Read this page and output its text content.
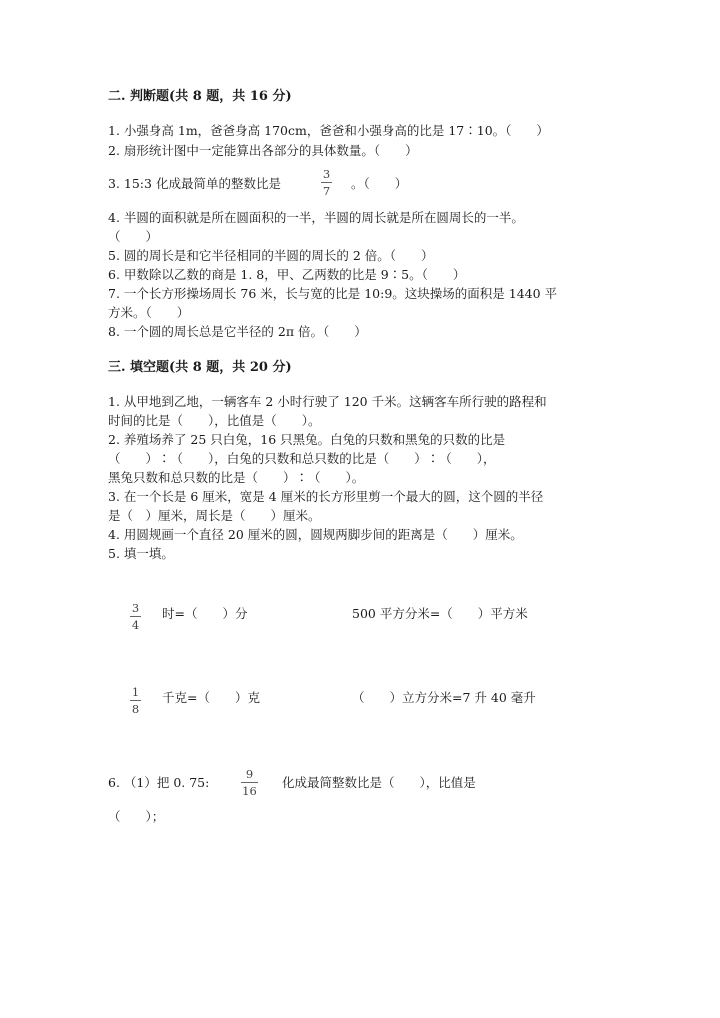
二. 判断题(共 8 题，共 16 分)
1. 小强身高 1m，爸爸身高 170cm，爸爸和小强身高的比是 17∶10。（　　）
2. 扇形统计图中一定能算出各部分的具体数量。（　　）
3. 15:3 化成最简单的整数比是
3
7 。（　　）
4. 半圆的面积就是所在圆面积的一半，半圆的周长就是所在圆周长的一半。
（　　）
5. 圆的周长是和它半径相同的半圆的周长的 2 倍。（　　）
6. 甲数除以乙数的商是 1. 8，甲、乙两数的比是 9∶5。（　　）
7. 一个长方形操场周长 76 米，长与宽的比是 10:9。这块操场的面积是 1440 平
方米。（　　）
8. 一个圆的周长总是它半径的 2π 倍。（　　）
三. 填空题(共 8 题，共 20 分)
1. 从甲地到乙地，一辆客车 2 小时行驶了 120 千米。这辆客车所行驶的路程和
时间的比是（　　），比值是（　　）。
2. 养殖场养了 25 只白兔，16 只黑兔。白兔的只数和黑兔的只数的比是
（　　）∶（　　），白兔的只数和总只数的比是（　　）∶（　　），
黑兔只数和总只数的比是（　　）∶（　　）。
3. 在一个长是 6 厘米，宽是 4 厘米的长方形里剪一个最大的圆，这个圆的半径
是（　）厘米，周长是（　　）厘米。
4. 用圆规画一个直径 20 厘米的圆，圆规两脚步间的距离是（　　）厘米。
5. 填一填。
3
4
时=（　　）分	500 平方分米=（　　）平方米
1
8
千克=（　　）克	（　　）立方分米=7 升 40 毫升
6. （1）把 0. 75:
9
16
化成最简整数比是（　　），比值是
（　　）；
